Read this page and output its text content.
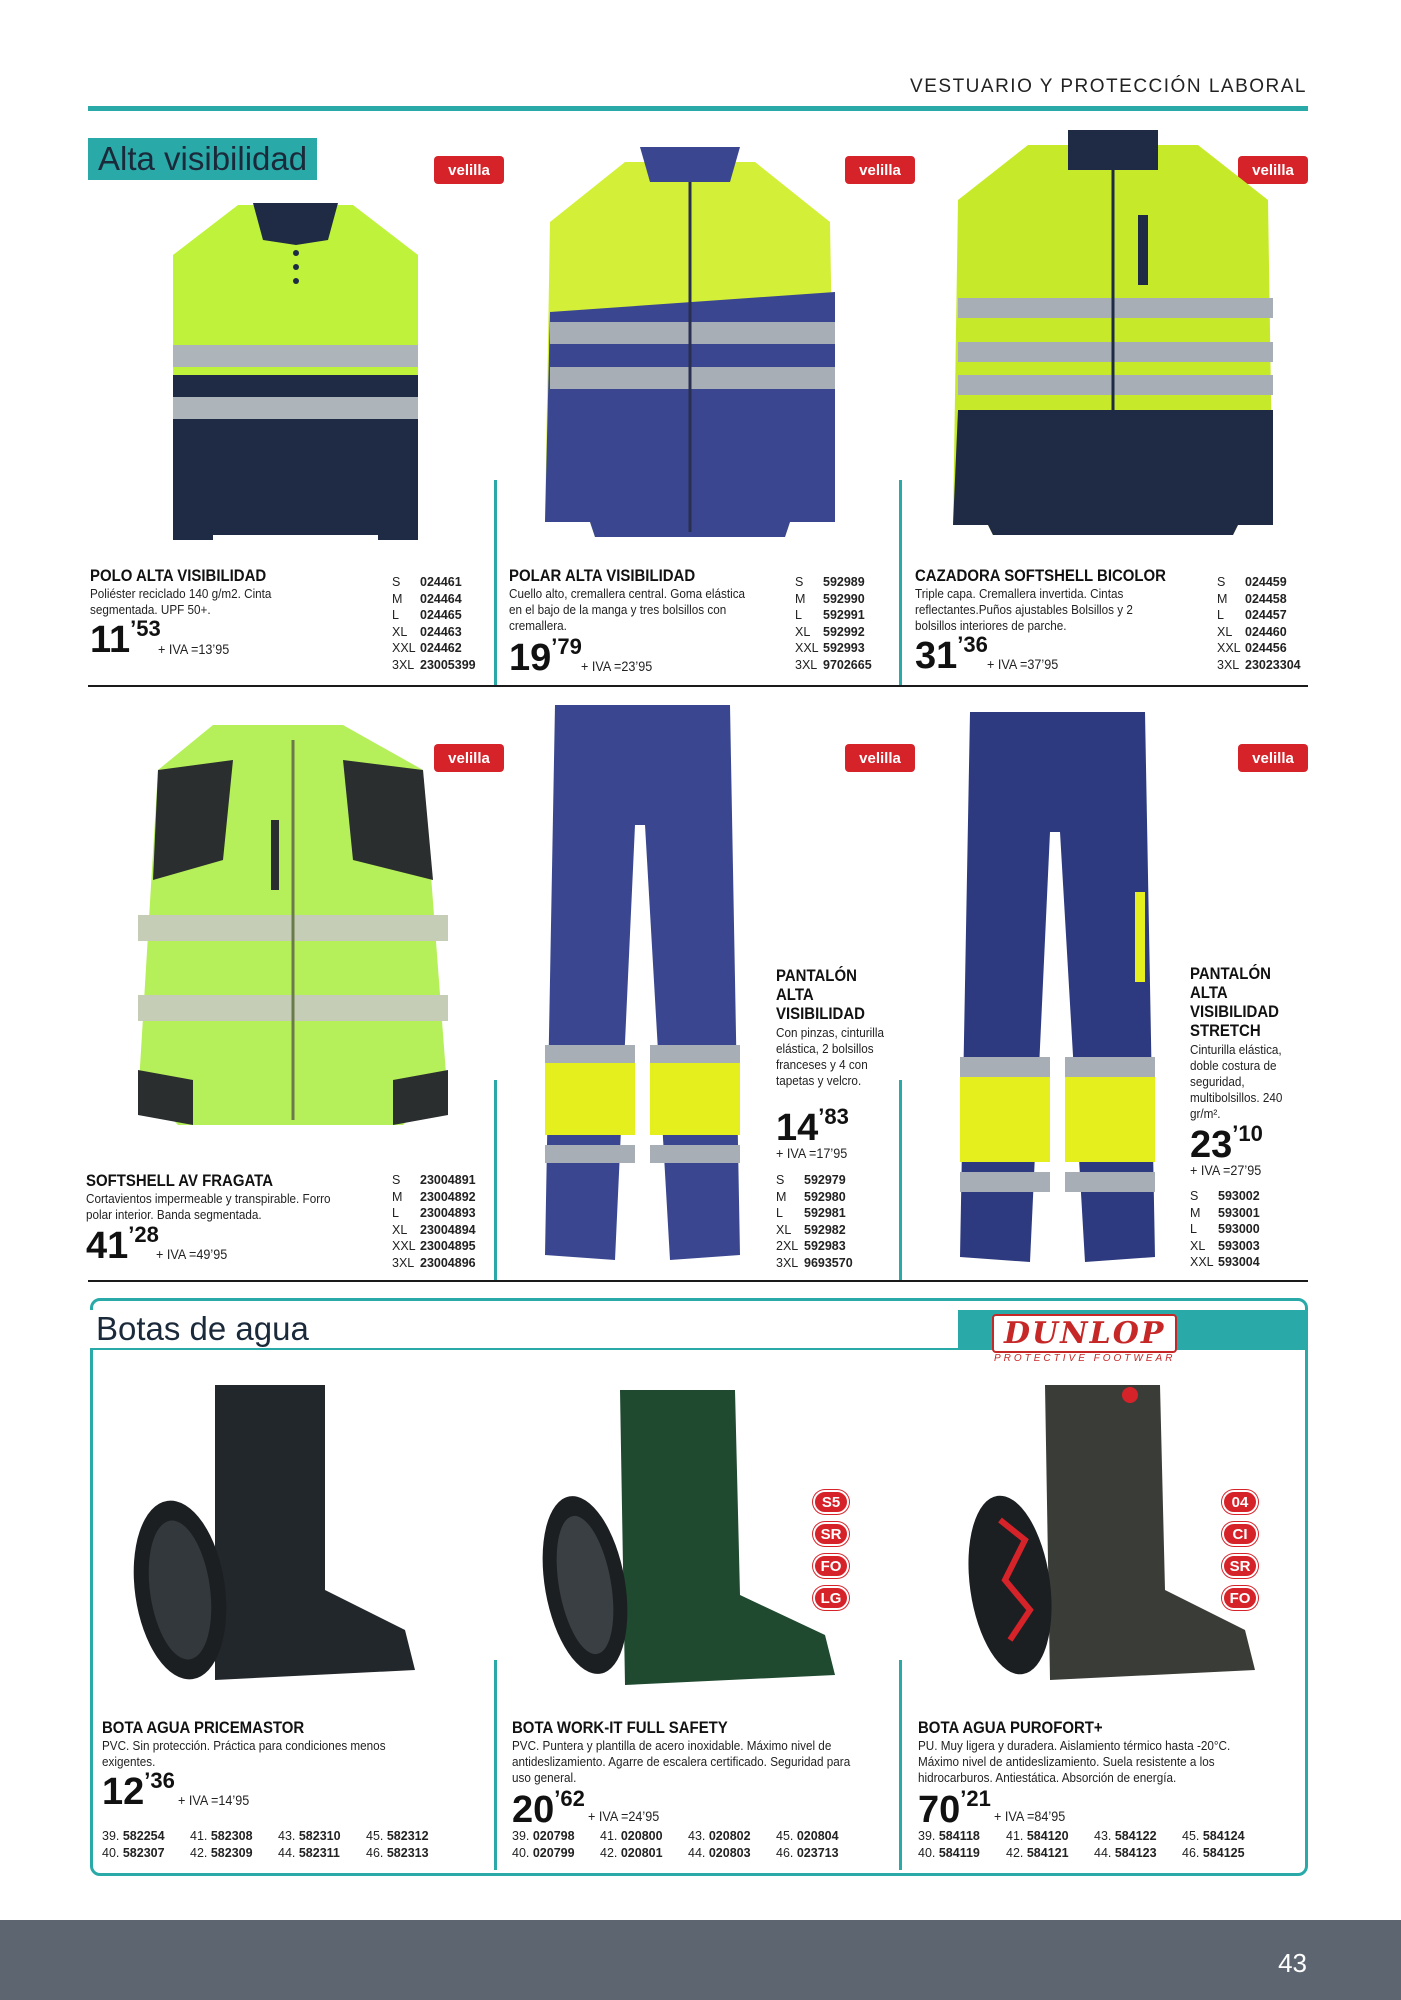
VESTUARIO Y PROTECCIÓN LABORAL
Alta visibilidad	velilla	velilla	velilla
velilla	velilla	velilla
POLO ALTA VISIBILIDAD
Poliéster reciclado 140 g/m2. Cinta segmentada. UPF 50+.
11’53
+ IVA =13’95
S	024461
M	024464
L	024465
XL	024463
XXL 024462
3XL 23005399
POLAR ALTA VISIBILIDAD
Cuello alto, cremallera central. Goma elástica en el bajo de la manga y tres bolsillos con cremallera.
19’79
+ IVA =23’95
S	592989
M	592990
L	592991
XL	592992
XXL 592993
3XL 9702665
CAZADORA SOFTSHELL BICOLOR
Triple capa. Cremallera invertida. Cintas reflectantes.Puños ajustables Bolsillos y 2 bolsillos interiores de parche.
31’36
+ IVA =37’95
S	024459
M	024458
L	024457
XL	024460
XXL 024456
3XL 23023304
SOFTSHELL AV FRAGATA
Cortavientos impermeable y transpirable. Forro polar interior. Banda segmentada.
41’28
+ IVA =49’95
S	23004891
M	23004892
L	23004893
XL	23004894
XXL 23004895
3XL 23004896
PANTALÓN
ALTA
VISIBILIDAD
Con pinzas, cinturilla elástica, 2 bolsillos franceses y 4 con tapetas y velcro.
14’83
+ IVA =17’95
S	592979
M	592980
L	592981
XL	592982
2XL 592983
3XL 9693570
PANTALÓN
ALTA
VISIBILIDAD
STRETCH
Cinturilla elástica, doble costura de seguridad, multibolsillos. 240 gr/m².
23’10
+ IVA =27’95
S	593002
M	593001
L	593000
XL	593003
XXL 593004
Botas de agua	DUNLOP
PROTECTIVE FOOTWEAR
S5
SR
FO
LG
04
CI
SR
FO
BOTA AGUA PRICEMASTOR
PVC. Sin protección. Práctica para condiciones menos exigentes.
12’36
+ IVA =14’95
39. 582254	41. 582308	43. 582310	45. 582312
40. 582307	42. 582309	44. 582311	46. 582313
BOTA WORK-IT FULL SAFETY
PVC. Puntera y plantilla de acero inoxidable. Máximo nivel de antideslizamiento. Agarre de escalera certificado. Seguridad para uso general.
20’62
+ IVA =24’95
39. 020798	41. 020800	43. 020802	45. 020804
40. 020799	42. 020801	44. 020803	46. 023713
BOTA AGUA PUROFORT+
PU. Muy ligera y duradera. Aislamiento térmico hasta -20°C. Máximo nivel de antideslizamiento. Suela resistente a los hidrocarburos. Antiestática. Absorción de energía.
70’21
+ IVA =84’95
39. 584118	41. 584120	43. 584122	45. 584124
40. 584119	42. 584121	44. 584123	46. 584125
43
